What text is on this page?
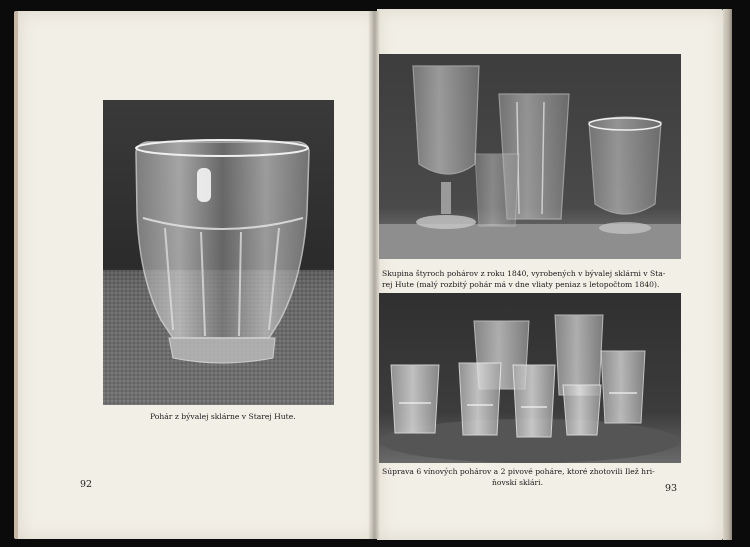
Pohár z bývalej sklárne v Starej Hute.
92
Skupina štyroch pohárov z roku 1840, vyrobených v bývalej sklárni v Sta-
rej Hute (malý rozbitý pohár má v dne vliaty peniaz s letopočtom 1840).
Súprava 6 vínových pohárov a 2 pivové poháre, ktoré zhotovili Ilež hri-
ňovskí sklári.
93
